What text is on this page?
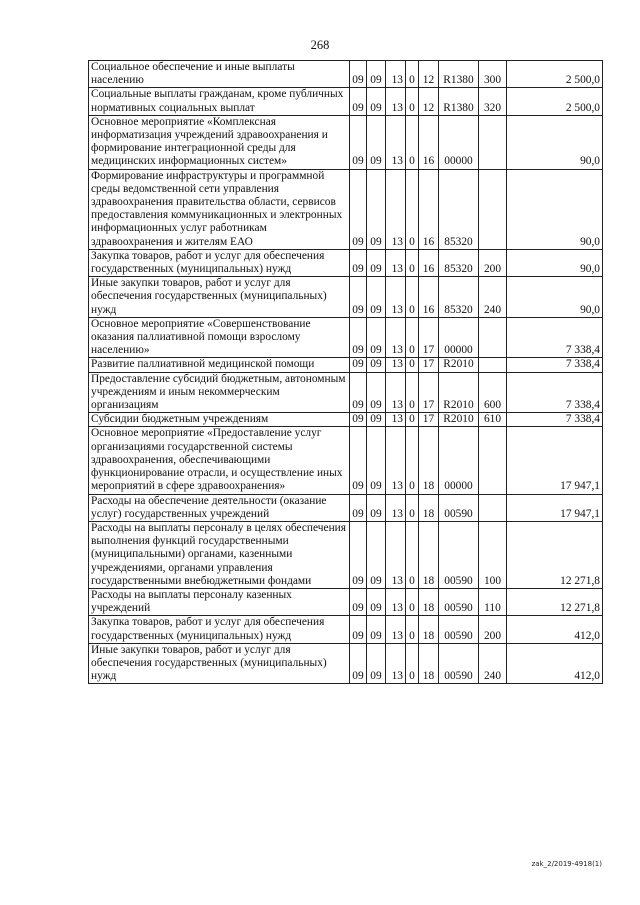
268
Социальное обеспечение и иные выплаты населению	09	09	13	0	12	R1380	300	2 500,0
Социальные выплаты гражданам, кроме публичных нормативных социальных выплат	09	09	13	0	12	R1380	320	2 500,0
Основное мероприятие «Комплексная информатизация учреждений здравоохранения и формирование интеграционной среды для медицинских информационных систем»	09	09	13	0	16	00000		90,0
Формирование инфраструктуры и программной среды ведомственной сети управления здравоохранения правительства области, сервисов предоставления коммуникационных и электронных информационных услуг работникам здравоохранения и жителям ЕАО	09	09	13	0	16	85320		90,0
Закупка товаров, работ и услуг для обеспечения государственных (муниципальных) нужд	09	09	13	0	16	85320	200	90,0
Иные закупки товаров, работ и услуг для обеспечения государственных (муниципальных) нужд	09	09	13	0	16	85320	240	90,0
Основное мероприятие «Совершенствование оказания паллиативной помощи взрослому населению»	09	09	13	0	17	00000		7 338,4
Развитие паллиативной медицинской помощи	09	09	13	0	17	R2010		7 338,4
Предоставление субсидий бюджетным, автономным учреждениям и иным некоммерческим организациям	09	09	13	0	17	R2010	600	7 338,4
Субсидии бюджетным учреждениям	09	09	13	0	17	R2010	610	7 338,4
Основное мероприятие «Предоставление услуг организациями государственной системы здравоохранения, обеспечивающими функционирование отрасли, и осуществление иных мероприятий в сфере здравоохранения»	09	09	13	0	18	00000		17 947,1
Расходы на обеспечение деятельности (оказание услуг) государственных учреждений	09	09	13	0	18	00590		17 947,1
Расходы на выплаты персоналу в целях обеспечения выполнения функций государственными (муниципальными) органами, казенными учреждениями, органами управления государственными внебюджетными фондами	09	09	13	0	18	00590	100	12 271,8
Расходы на выплаты персоналу казенных учреждений	09	09	13	0	18	00590	110	12 271,8
Закупка товаров, работ и услуг для обеспечения государственных (муниципальных) нужд	09	09	13	0	18	00590	200	412,0
Иные закупки товаров, работ и услуг для обеспечения государственных (муниципальных) нужд	09	09	13	0	18	00590	240	412,0
zak_2/2019-4918(1)
